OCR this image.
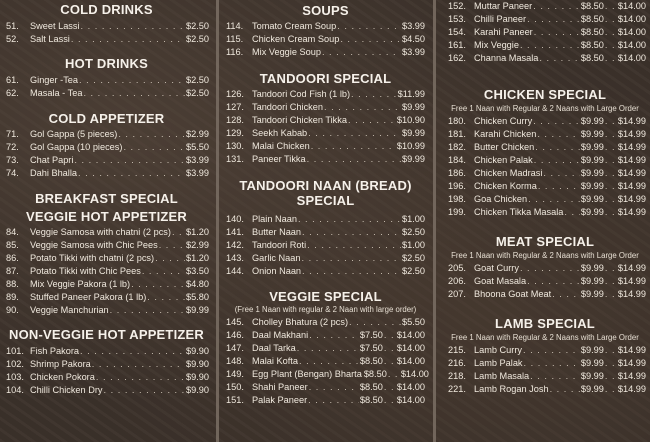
COLD DRINKS
51.	Sweet Lassi . . .	$2.50
52.	Salt Lassi . . .	$2.50
HOT DRINKS
61.	Ginger -Tea . . .	$2.50
62.	Masala - Tea . . .	$2.50
COLD APPETIZER
71.	Gol Gappa (5 pieces) . . .	$2.99
72.	Gol Gappa (10 pieces) . . .	$5.50
73.	Chat Papri . . .	$3.99
74.	Dahi Bhalla . . .	$3.99
BREAKFAST SPECIAL
VEGGIE HOT APPETIZER
84.	Veggie Samosa with chatni (2 pcs) . . . $1.20
85.	Veggie Samosa with Chic Pees . . .	$2.99
86.	Potato Tikki with chatni (2 pcs) . . .	$1.20
87.	Potato Tikki with Chic Pees . . .	$3.50
88.	Mix Veggie Pakora (1 lb) . . .	$4.80
89.	Stuffed Paneer Pakora (1 lb) . . .	$5.80
90.	Veggie Manchurian . . .	$9.99
NON-VEGGIE HOT APPETIZER
101. Fish Pakora . . .	$9.90
102. Shrimp Pakora . . .	$9.90
103. Chicken Pokora . . .	$9.90
104. Chilli Chicken Dry . . .	$9.90
SOUPS
114. Tomato Cream Soup . . .	$3.99
115. Chicken Cream Soup . . .	$4.50
116. Mix Veggie Soup . . .	$3.99
TANDOORI SPECIAL
126. Tandoori Cod Fish (1 lb) . . .	$11.99
127. Tandoori Chicken . . .	$9.99
128. Tandoori Chicken Tikka . . .	$10.90
129. Seekh Kabab . . .	$9.99
130. Malai Chicken . . .	$10.99
131. Paneer Tikka . . .	$9.99
TANDOORI NAAN (BREAD)
SPECIAL
140. Plain Naan . . .	$1.00
141. Butter Naan . . .	$2.50
142. Tandoori Roti . . .	$1.00
143. Garlic Naan . . .	$2.50
144. Onion Naan . . .	$2.50
VEGGIE SPECIAL
(Free 1 Naan with regular & 2 Naan with large order)
145. Cholley Bhatura (2 pcs) . . .	$5.50
146. Daal Makhani . . .	$7.50 . . . $14.00
147. Daal Tarka . . .	$7.50 . . . $14.00
148. Malai Kofta . . .	$8.50 . . . $14.00
149. Egg Plant (Bengan) Bharta $8.50 . . . $14.00
150. Shahi Paneer . . .	$8.50 . . . $14.00
151. Palak Paneer . . .	$8.50 . . . $14.00
152. Muttar Paneer . . .	$8.50 . . . $14.00
153. Chilli Paneer . . .	$8.50 . . . $14.00
154. Karahi Paneer . . .	$8.50 . . . $14.00
161. Mix Veggie . . .	$8.50 . . . $14.00
162. Channa Masala . . .	$8.50 . . . $14.00
CHICKEN SPECIAL
Free 1 Naan with Regular & 2 Naans with Large Order
180. Chicken Curry . . .	$9.99 . . . $14.99
181. Karahi Chicken . . .	$9.99 . . . $14.99
182. Butter Chicken . . .	$9.99 . . . $14.99
184. Chicken Palak . . .	$9.99 . . . $14.99
186. Chicken Madrasi . . .	$9.99 . . . $14.99
196. Chicken Korma . . .	$9.99 . . . $14.99
198. Goa Chicken . . .	$9.99 . . . $14.99
199. Chicken Tikka Masala . . . $9.99 . . . $14.99
MEAT SPECIAL
Free 1 Naan with Regular & 2 Naans with Large Order
205. Goat Curry . . .	$9.99 . . . $14.99
206. Goat Masala . . .	$9.99 . . . $14.99
207. Bhoona Goat Meat . . .	$9.99 . . . $14.99
LAMB SPECIAL
Free 1 Naan with Regular & 2 Naans with Large Order
215. Lamb Curry . . .	$9.99 . . . $14.99
216. Lamb Palak . . .	$9.99 . . . $14.99
218. Lamb Masala . . .	$9.99 . . . $14.99
221. Lamb Rogan Josh . . .	$9.99 . . . $14.99
